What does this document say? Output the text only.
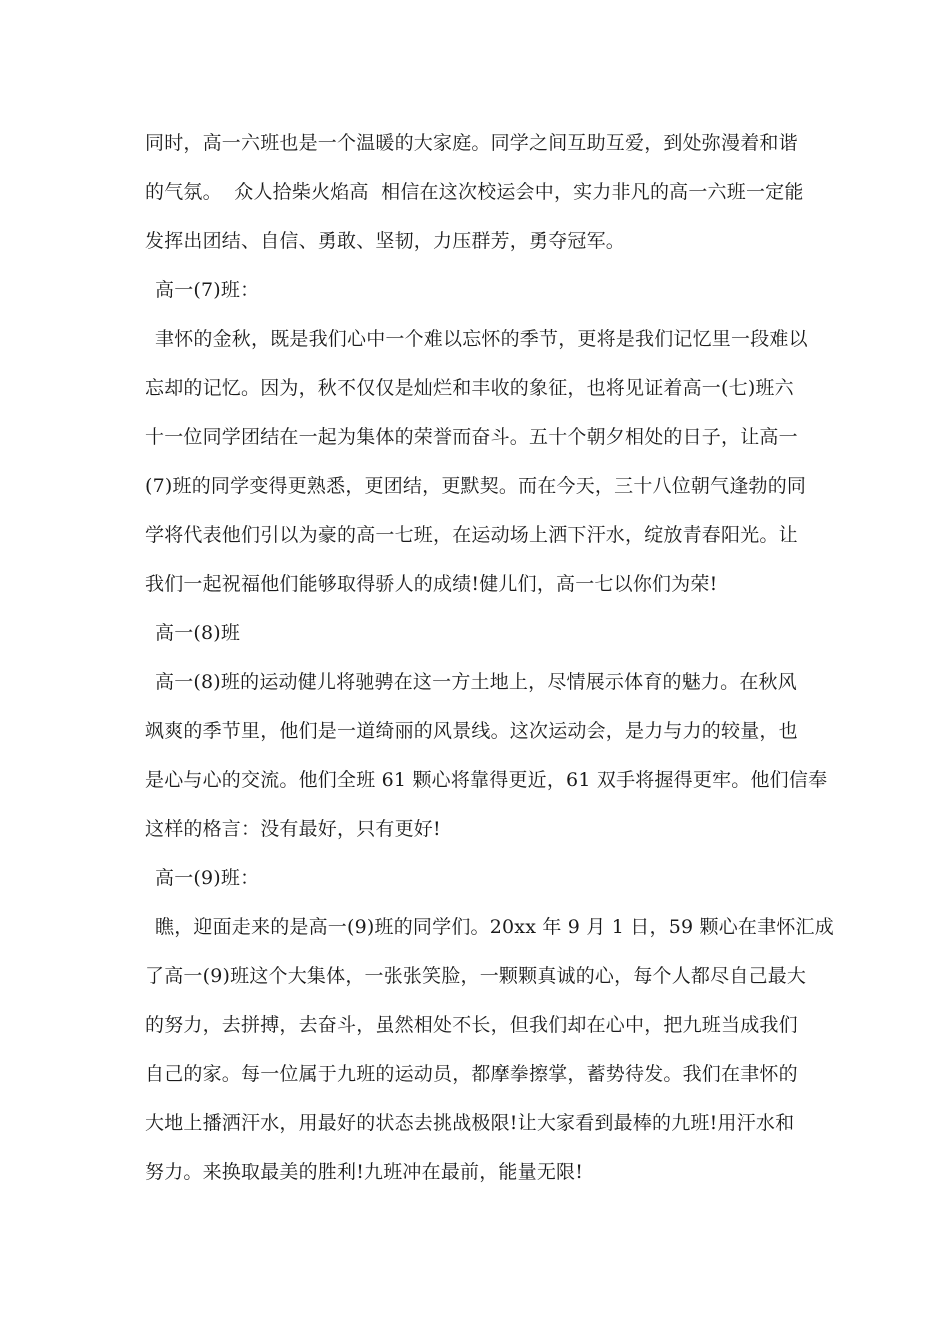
同时，高一六班也是一个温暖的大家庭。同学之间互助互爱，到处弥漫着和谐
的气氛。  众人拾柴火焰高  相信在这次校运会中，实力非凡的高一六班一定能
发挥出团结、自信、勇敢、坚韧，力压群芳，勇夺冠军。
高一(7)班：
聿怀的金秋，既是我们心中一个难以忘怀的季节，更将是我们记忆里一段难以
忘却的记忆。因为，秋不仅仅是灿烂和丰收的象征，也将见证着高一(七)班六
十一位同学团结在一起为集体的荣誉而奋斗。五十个朝夕相处的日子，让高一
(7)班的同学变得更熟悉，更团结，更默契。而在今天，三十八位朝气逢勃的同
学将代表他们引以为豪的高一七班，在运动场上洒下汗水，绽放青春阳光。让
我们一起祝福他们能够取得骄人的成绩!健儿们，高一七以你们为荣!
高一(8)班
高一(8)班的运动健儿将驰骋在这一方土地上，尽情展示体育的魅力。在秋风
飒爽的季节里，他们是一道绮丽的风景线。这次运动会，是力与力的较量，也
是心与心的交流。他们全班 61 颗心将靠得更近，61 双手将握得更牢。他们信奉
这样的格言：没有最好，只有更好!
高一(9)班：
瞧，迎面走来的是高一(9)班的同学们。20xx 年 9 月 1 日，59 颗心在聿怀汇成
了高一(9)班这个大集体，一张张笑脸，一颗颗真诚的心，每个人都尽自己最大
的努力，去拼搏，去奋斗，虽然相处不长，但我们却在心中，把九班当成我们
自己的家。每一位属于九班的运动员，都摩拳擦掌，蓄势待发。我们在聿怀的
大地上播洒汗水，用最好的状态去挑战极限!让大家看到最棒的九班!用汗水和
努力。来换取最美的胜利!九班冲在最前，能量无限!
